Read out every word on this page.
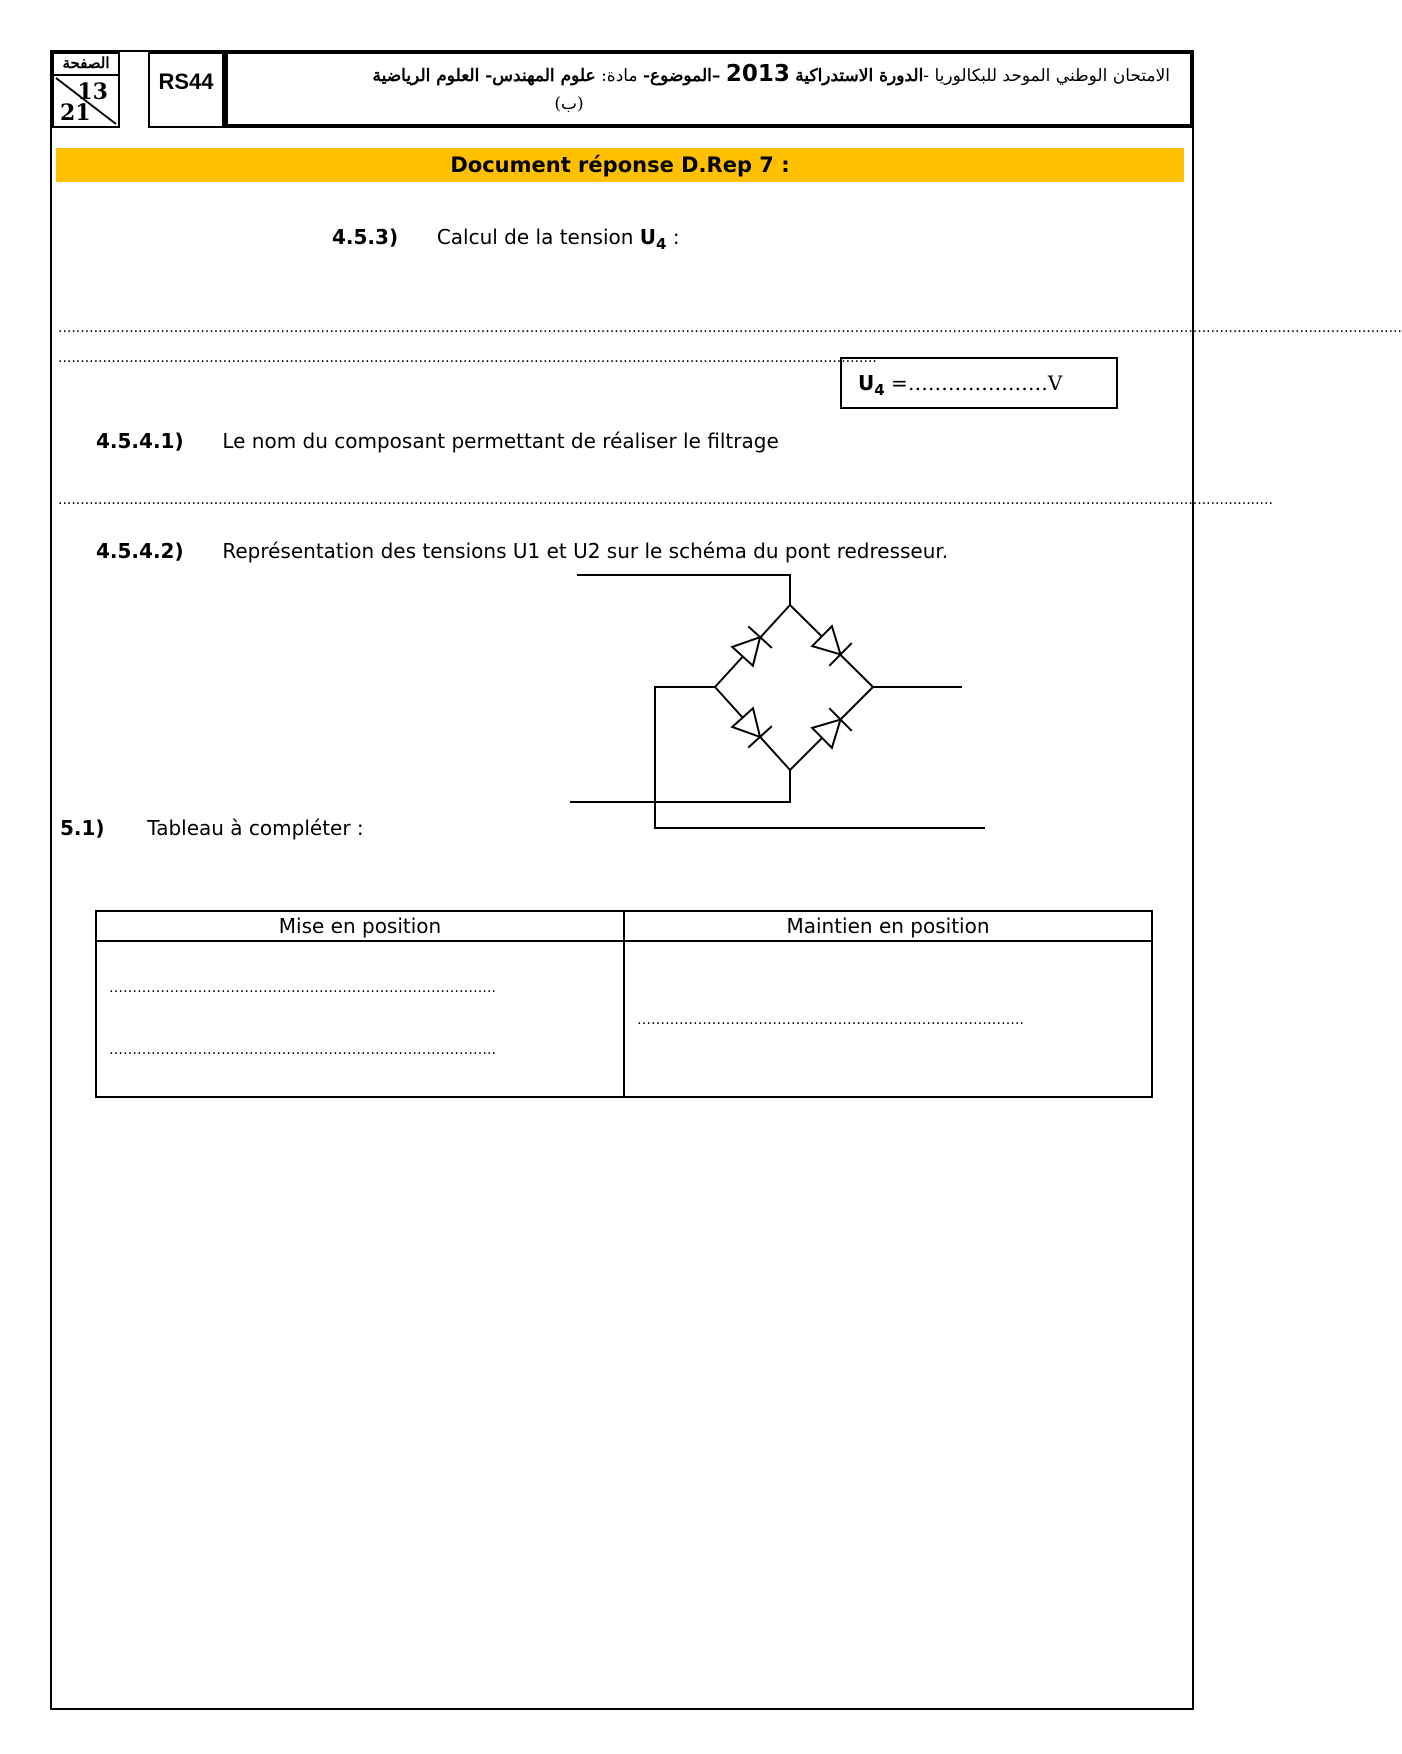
الصفحة
13
21
RS44	الامتحان الوطني الموحد للبكالوريا -الدورة الاستدراكية 2013 –الموضوع- مادة: علوم المهندس- العلوم الرياضية
(ب)
Document réponse D.Rep 7 :
4.5.3) Calcul de la tension $U_4$ :
..............................................................................................................................................................................................................................................................................................................
........................................................................................................................................................................................
$U_4$ =…………………V
4.5.4.1) Le nom du composant permettant de réaliser le filtrage
.................................................................................................................................................................................................................................................................................
4.5.4.2) Représentation des tensions U1 et U2 sur le schéma du pont redresseur.
5.1) Tableau à compléter :
Mise en position	Maintien en position

………………………………………………………………………..
………………………………………………………………………..	………………………………………………………………………..
